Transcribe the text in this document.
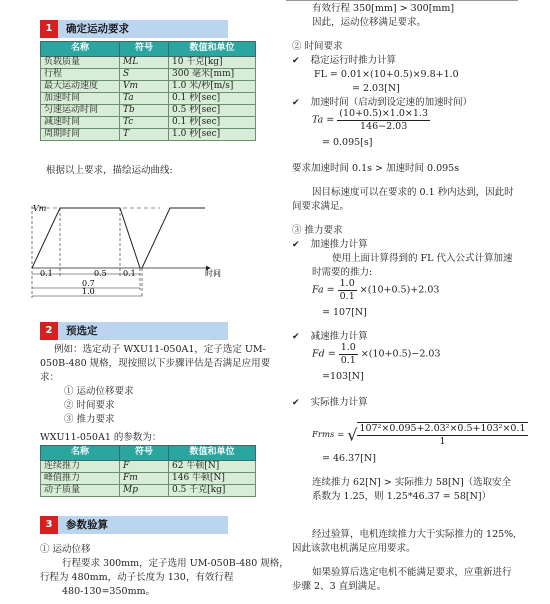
1	确定运动要求
名称	符号	数值和单位
负载质量	ML	10 千克[kg]
行程	S	300 毫米[mm]
最大运动速度	Vm	1.0 米/秒[m/s]
加速时间	Ta	0.1 秒[sec]
匀速运动时间	Tb	0.5 秒[sec]
减速时间	Tc	0.1 秒[sec]
周期时间	T	1.0 秒[sec]
根据以上要求，描绘运动曲线:
Vm
0.1	0.5 0.1
0.7
1.0
时间
2	预选定
例如：选定动子 WXU11-050A1，定子选定 UM-
050B-480 规格，现按照以下步骤评估是否满足应用要
求：
① 运动位移要求
② 时间要求
③ 推力要求
WXU11-050A1 的参数为：
名称	符号	数值和单位
连续推力	F	62 牛顿[N]
峰值推力	Fm	146 牛顿[N]
动子质量	Mp	0.5 千克[kg]
3	参数验算
① 运动位移
行程要求 300mm，定子选用 UM-050B-480 规格，
行程为 480mm，动子长度为 130，有效行程
480-130=350mm。
有效行程 350[mm] > 300[mm]
因此，运动位移满足要求。
② 时间要求
✔ 稳定运行时推力计算
FL = 0.01×(10+0.5)×9.8+1.0
= 2.03[N]
✔ 加速时间（启动到设定速的加速时间）
$Ta = \frac{(10+0.5)\times 1.0\times 1.3}{146-2.03}$
= 0.095[s]
要求加速时间 0.1s > 加速时间 0.095s
因目标速度可以在要求的 0.1 秒内达到，因此时
间要求满足。
③ 推力要求
✔ 加速推力计算
使用上面计算得到的 FL 代入公式计算加速
时需要的推力:
$Fa = \frac{1.0}{0.1} \times(10+0.5)+2.03$
= 107[N]
✔ 减速推力计算
$Fd = \frac{1.0}{0.1} \times(10+0.5)-2.03$
=103[N]
✔ 实际推力计算
Frms = √ $\frac{\text{107²×0.095+2.03²×0.5+103²×0.1}}{1}$
= 46.37[N]
连续推力 62[N] > 实际推力 58[N]（选取安全
系数为 1.25，则 1.25*46.37 = 58[N]）
经过验算，电机连续推力大于实际推力的 125%,
因此该款电机满足应用要求。
如果验算后选定电机不能满足要求，应重新进行
步骤 2、3 直到满足。
